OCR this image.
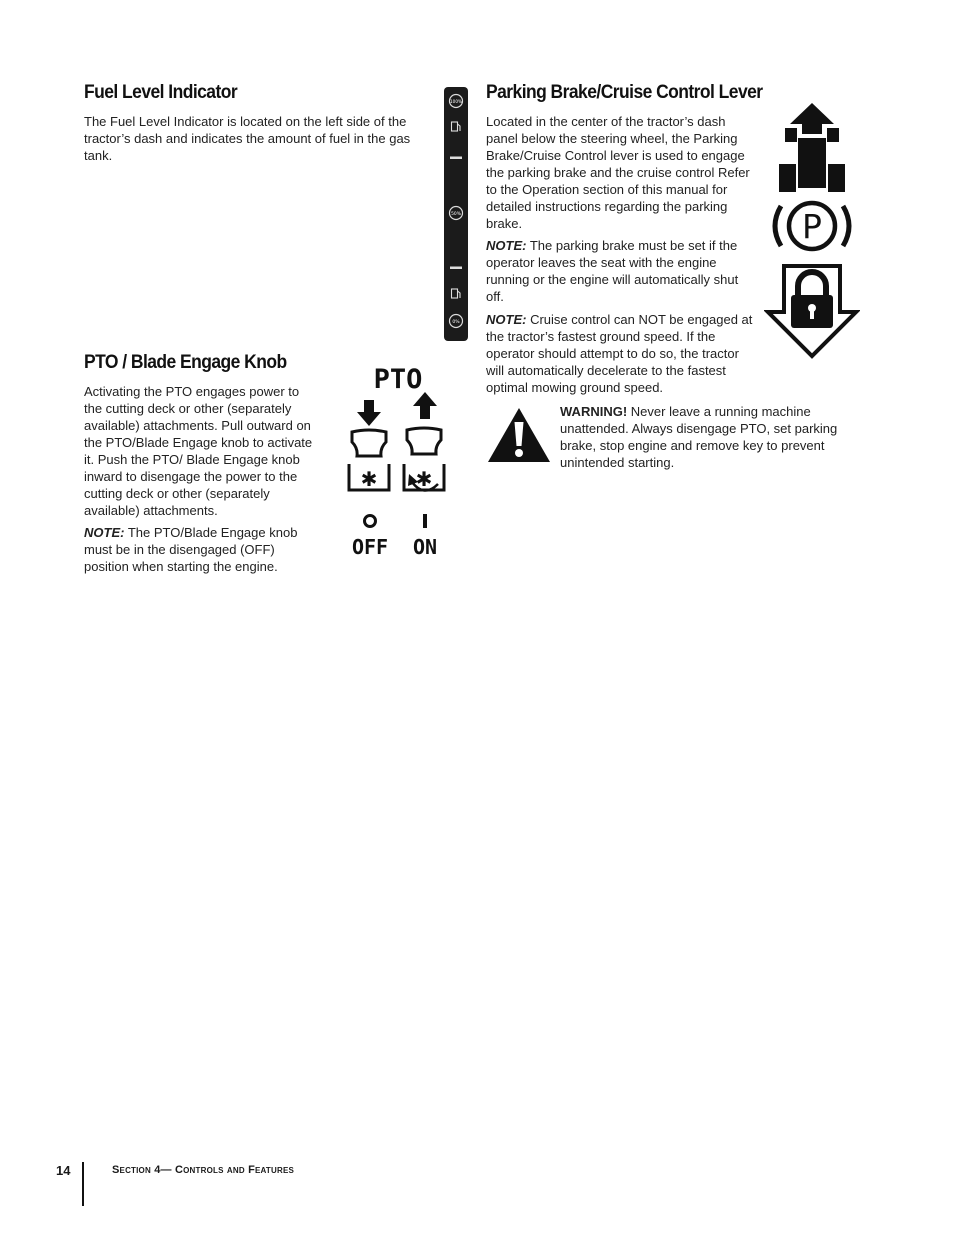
Fuel Level Indicator

The Fuel Level Indicator is located on the left side of the tractor’s dash and indicates the amount of fuel in the gas tank.

100%
50%
0%
PTO / Blade Engage Knob

Activating the PTO engages power to the cutting deck or other (separately available) attachments. Pull outward on the PTO/Blade Engage knob to activate it. Push the PTO/ Blade Engage knob inward to disengage the power to the cutting deck or other (separately available) attachments.

NOTE: The PTO/Blade Engage knob must be in the disengaged (OFF) position when starting the engine.

PTO
✱ ✱
OFF ON
Parking Brake/Cruise Control Lever

Located in the center of the tractor’s dash panel below the steering wheel, the Parking Brake/Cruise Control lever is used to engage the parking brake and the cruise control Refer to the Operation section of this manual for detailed instructions regarding the parking brake.

NOTE: The parking brake must be set if the operator leaves the seat with the engine running or the engine will automatically shut off.

NOTE: Cruise control can NOT be engaged at the tractor’s fastest ground speed. If the operator should attempt to do so, the tractor will automatically decelerate to the fastest optimal mowing ground speed.

P

WARNING! Never leave a running machine unattended. Always disengage PTO, set parking brake, stop engine and remove key to prevent unintended starting.

14	Section 4— Controls and Features
